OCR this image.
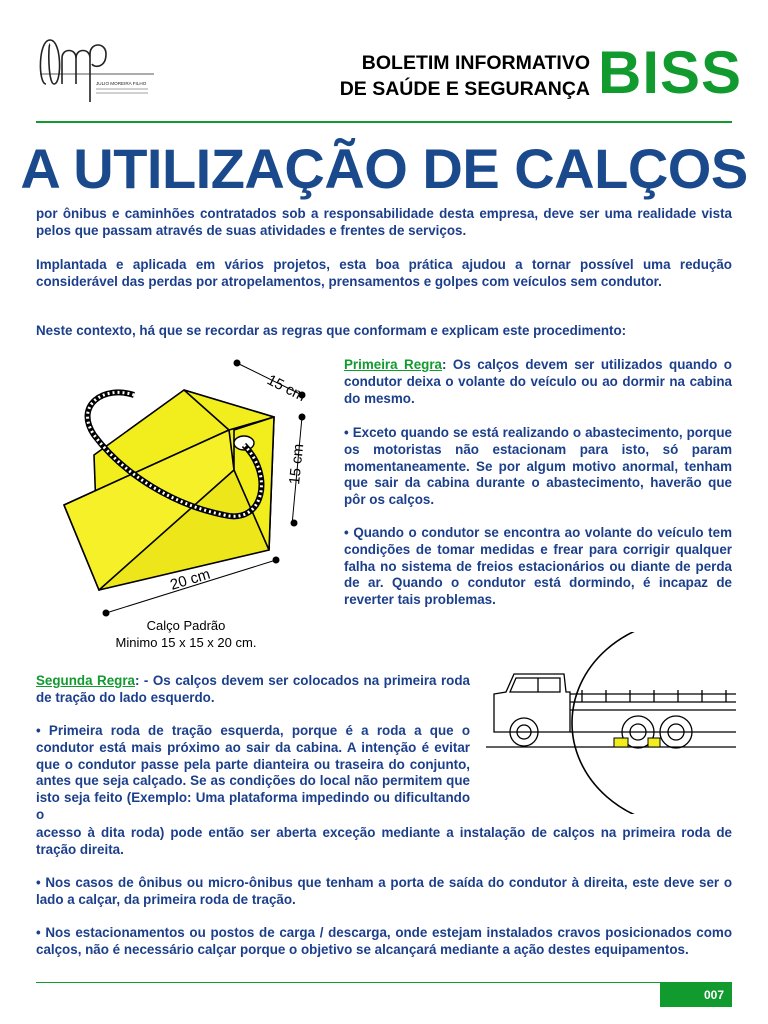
JULIO MOREIRA FILHO
BOLETIM INFORMATIVO
DE SAÚDE E SEGURANÇA BISS
A UTILIZAÇÃO DE CALÇOS

por ônibus e caminhões contratados sob a responsabilidade desta empresa, deve ser uma realidade vista pelos que passam através de suas atividades e frentes de serviços.

Implantada e aplicada em vários projetos, esta boa prática ajudou a tornar possível uma redução considerável das perdas por atropelamentos, prensamentos e golpes com veículos sem condutor.

Neste contexto, há que se recordar as regras que conformam e explicam este procedimento:

15 cm
15 cm
20 cm
Calço Padrão
Minimo 15 x 15 x 20 cm.

Primeira Regra: Os calços devem ser utilizados quando o condutor deixa o volante do veículo ou ao dormir na cabina do mesmo.

• Exceto quando se está realizando o abastecimento, porque os motoristas não estacionam para isto, só param momentaneamente. Se por algum motivo anormal, tenham que sair da cabina durante o abastecimento, haverão que pôr os calços.

• Quando o condutor se encontra ao volante do veículo tem condições de tomar medidas e frear para corrigir qualquer falha no sistema de freios estacionários ou diante de perda de ar. Quando o condutor está dormindo, é incapaz de reverter tais problemas.

Segunda Regra: - Os calços devem ser colocados na primeira roda de tração do lado esquerdo.

• Primeira roda de tração esquerda, porque é a roda a que o condutor está mais próximo ao sair da cabina. A intenção é evitar que o condutor passe pela parte dianteira ou traseira do conjunto, antes que seja calçado. Se as condições do local não permitem que isto seja feito (Exemplo: Uma plataforma impedindo ou dificultando o

acesso à dita roda) pode então ser aberta exceção mediante a instalação de calços na primeira roda de tração direita.

• Nos casos de ônibus ou micro-ônibus que tenham a porta de saída do condutor à direita, este deve ser o lado a calçar, da primeira roda de tração.

• Nos estacionamentos ou postos de carga / descarga, onde estejam instalados cravos posicionados como calços, não é necessário calçar porque o objetivo se alcançará mediante a ação destes equipamentos.

007
